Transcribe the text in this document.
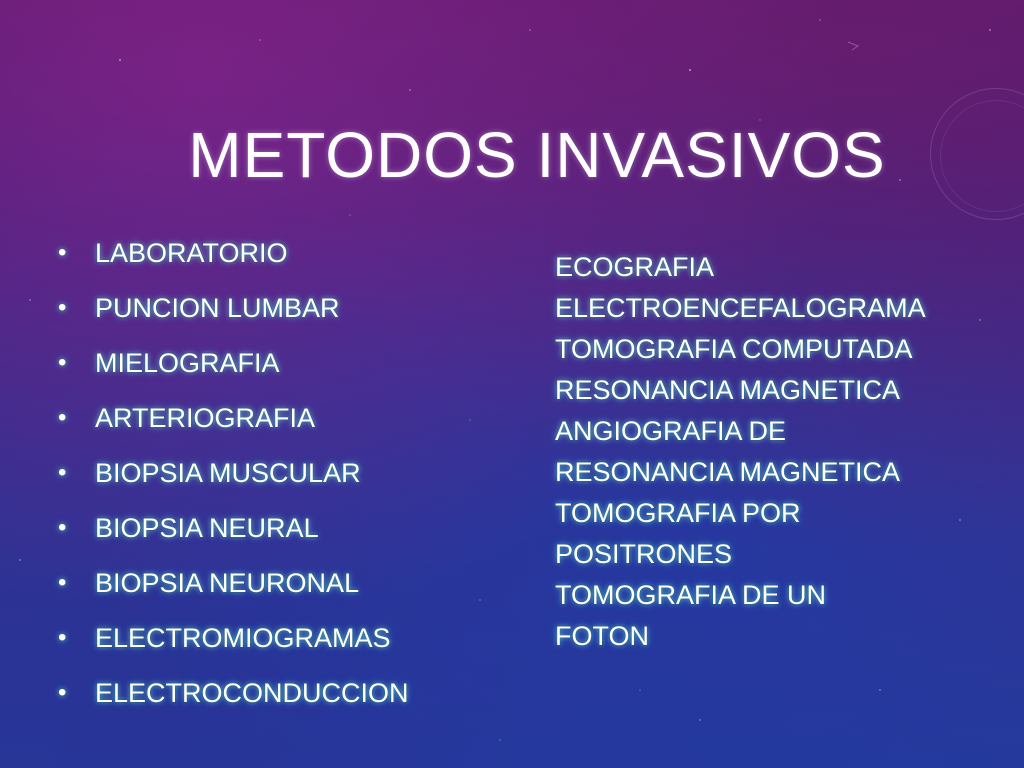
METODOS INVASIVOS
• LABORATORIO
• PUNCION LUMBAR
• MIELOGRAFIA
• ARTERIOGRAFIA
• BIOPSIA MUSCULAR
• BIOPSIA NEURAL
• BIOPSIA NEURONAL
• ELECTROMIOGRAMAS
• ELECTROCONDUCCION
ECOGRAFIA
ELECTROENCEFALOGRAMA
TOMOGRAFIA COMPUTADA
RESONANCIA MAGNETICA
ANGIOGRAFIA DE
RESONANCIA MAGNETICA
TOMOGRAFIA POR
POSITRONES
TOMOGRAFIA DE UN
FOTON
